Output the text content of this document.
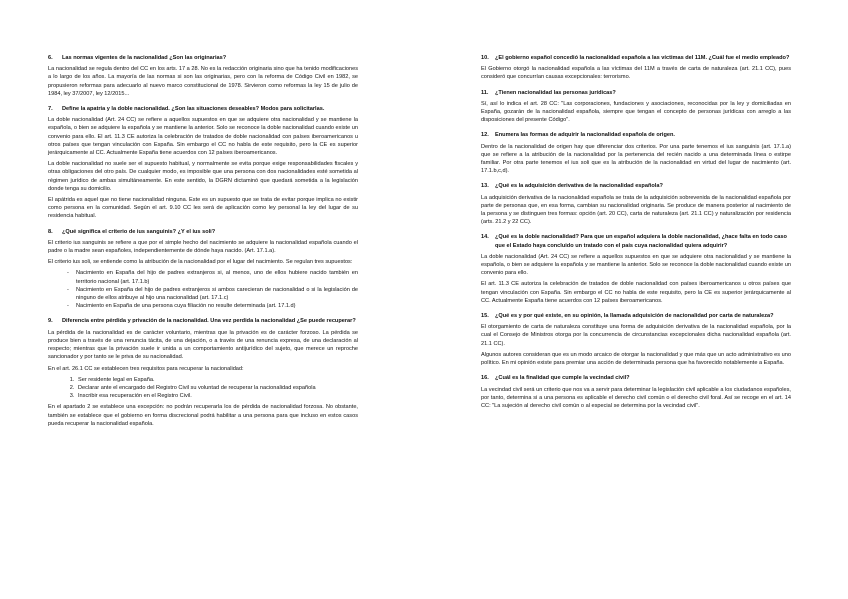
6.	Las normas vigentes de la nacionalidad ¿Son las originarias?

La nacionalidad se regula dentro del CC en los arts. 17 a 28. No es la redacción originaria sino que ha tenido modificaciones a lo largo de los años. La mayoría de las normas si son las originarias, pero con la reforma de Código Civil en 1982, se propusieron reformas para adecuarlo al nuevo marco constitucional de 1978. Sirvieron como reformas la ley 15 de julio de 1984, ley 37/2007, ley 12/2015...

7.	Define la apatria y la doble nacionalidad. ¿Son las situaciones deseables? Modos para solicitarlas.

La doble nacionalidad (Art. 24 CC) se refiere a aquellos supuestos en que se adquiere otra nacionalidad y se mantiene la española, o bien se adquiere la española y se mantiene la anterior. Solo se reconoce la doble nacionalidad cuando existe un convenio para ello. El art. 11.3 CE autoriza la celebración de tratados de doble nacionalidad con países iberoamericanos u otros países que tengan vinculación con España. Sin embargo el CC no habla de este requisito, pero la CE es superior jerárquicamente al CC. Actualmente España tiene acuerdos con 12 países iberoamericanos.

La doble nacionalidad no suele ser el supuesto habitual, y normalmente se evita porque exige responsabilidades fiscales y otras obligaciones del otro país. De cualquier modo, es imposible que una persona con dos nacionalidades esté sometida al régimen jurídico de ambas simultáneamente. En este sentido, la DGRN dictaminó que quedará sometida a la legislación donde tenga su domicilio.

El apátrida es aquel que no tiene nacionalidad ninguna. Este es un supuesto que se trata de evitar porque implica no existir como persona en la comunidad. Según el art. 9.10 CC les será de aplicación como ley personal la ley del lugar de su residencia habitual.

8.	¿Qué significa el criterio de ius sanguinis? ¿Y el ius soli?

El criterio ius sanguinis se refiere a que por el simple hecho del nacimiento se adquiere la nacionalidad española cuando el padre o la madre sean españoles, independientemente de dónde haya nacido. (Art. 17.1.a).

El criterio ius soli, se entiende como la atribución de la nacionalidad por el lugar del nacimiento. Se regulan tres supuestos:

- Nacimiento en España del hijo de padres extranjeros si, al menos, uno de ellos hubiere nacido también en territorio nacional (art. 17.1.b)
- Nacimiento en España del hijo de padres extranjeros si ambos carecieran de nacionalidad o si la legislación de ninguno de ellos atribuye al hijo una nacionalidad (art. 17.1.c)
- Nacimiento en España de una persona cuya filiación no resulte determinada (art. 17.1.d)
9.	Diferencia entre pérdida y privación de la nacionalidad. Una vez perdida la nacionalidad ¿Se puede recuperar?

La pérdida de la nacionalidad es de carácter voluntario, mientras que la privación es de carácter forzoso. La pérdida se produce bien a través de una renuncia tácita, de una dejación, o a través de una renuncia expresa, de una declaración al respecto; mientras que la privación suele ir unida a un comportamiento antijurídico del sujeto, que merece un reproche sancionador y por tanto se le priva de su nacionalidad.

En el art. 26.1 CC se establecen tres requisitos para recuperar la nacionalidad:

1. Ser residente legal en España.
2. Declarar ante el encargado del Registro Civil su voluntad de recuperar la nacionalidad española
3. Inscribir esa recuperación en el Registro Civil.

En el apartado 2 se establece una excepción: no podrán recuperarla los de pérdida de nacionalidad forzosa. No obstante, también se establece que el gobierno en forma discrecional podrá habilitar a una persona para que incluso en estos casos pueda recuperar la nacionalidad española.

10.	¿El gobierno español concedió la nacionalidad española a las víctimas del 11M. ¿Cuál fue el medio empleado?

El Gobierno otorgó la nacionalidad española a las víctimas del 11M a través de carta de naturaleza (art. 21.1 CC), pues consideró que concurrían causas excepcionales: terrorismo.

11.	¿Tienen nacionalidad las personas jurídicas?

Sí, así lo indica el art. 28 CC: "Las corporaciones, fundaciones y asociaciones, reconocidas por la ley y domiciliadas en España, gozarán de la nacionalidad española, siempre que tengan el concepto de personas jurídicas con arreglo a las disposiciones del presente Código".

12.	Enumera las formas de adquirir la nacionalidad española de origen.

Dentro de la nacionalidad de origen hay que diferenciar dos criterios. Por una parte tenemos el ius sanguinis (art. 17.1.a) que se refiere a la atribución de la nacionalidad por la pertenencia del recién nacido a una determinada línea o estirpe familiar. Por otra parte tenemos el ius soli que es la atribución de la nacionalidad en virtud del lugar de nacimiento (art. 17.1.b,c,d).

13.	¿Qué es la adquisición derivativa de la nacionalidad española?

La adquisición derivativa de la nacionalidad española se trata de la adquisición sobrevenida de la nacionalidad española por parte de personas que, en esa forma, cambian su nacionalidad originaria. Se produce de manera posterior al nacimiento de la persona y se distinguen tres formas: opción (art. 20 CC), carta de naturaleza (art. 21.1 CC) y naturalización por residencia (arts. 21.2 y 22 CC).

14.	¿Qué es la doble nacionalidad? Para que un español adquiera la doble nacionalidad, ¿hace falta en todo caso que el Estado haya concluido un tratado con el país cuya nacionalidad quiera adquirir?

La doble nacionalidad (Art. 24 CC) se refiere a aquellos supuestos en que se adquiere otra nacionalidad y se mantiene la española, o bien se adquiere la española y se mantiene la anterior. Solo se reconoce la doble nacionalidad cuando existe un convenio para ello.

El art. 11.3 CE autoriza la celebración de tratados de doble nacionalidad con países iberoamericanos u otros países que tengan vinculación con España. Sin embargo el CC no habla de este requisito, pero la CE es superior jerárquicamente al CC. Actualmente España tiene acuerdos con 12 países iberoamericanos.

15.	¿Qué es y por qué existe, en su opinión, la llamada adquisición de nacionalidad por carta de naturaleza?

El otorgamiento de carta de naturaleza constituye una forma de adquisición derivativa de la nacionalidad española, por la cual el Consejo de Ministros otorga por la concurrencia de circunstancias excepcionales dicha nacionalidad española (art. 21.1 CC).

Algunos autores consideran que es un modo arcaico de otorgar la nacionalidad y que más que un acto administrativo es uno político. En mi opinión existe para premiar una acción de determinada persona que ha favorecido notablemente a España.

16.	¿Cuál es la finalidad que cumple la vecindad civil?

La vecindad civil será un criterio que nos va a servir para determinar la legislación civil aplicable a los ciudadanos españoles, por tanto, determina si a una persona es aplicable el derecho civil común o el derecho civil foral. Así se recoge en el art. 14 CC: "La sujeción al derecho civil común o al especial se determina por la vecindad civil".
